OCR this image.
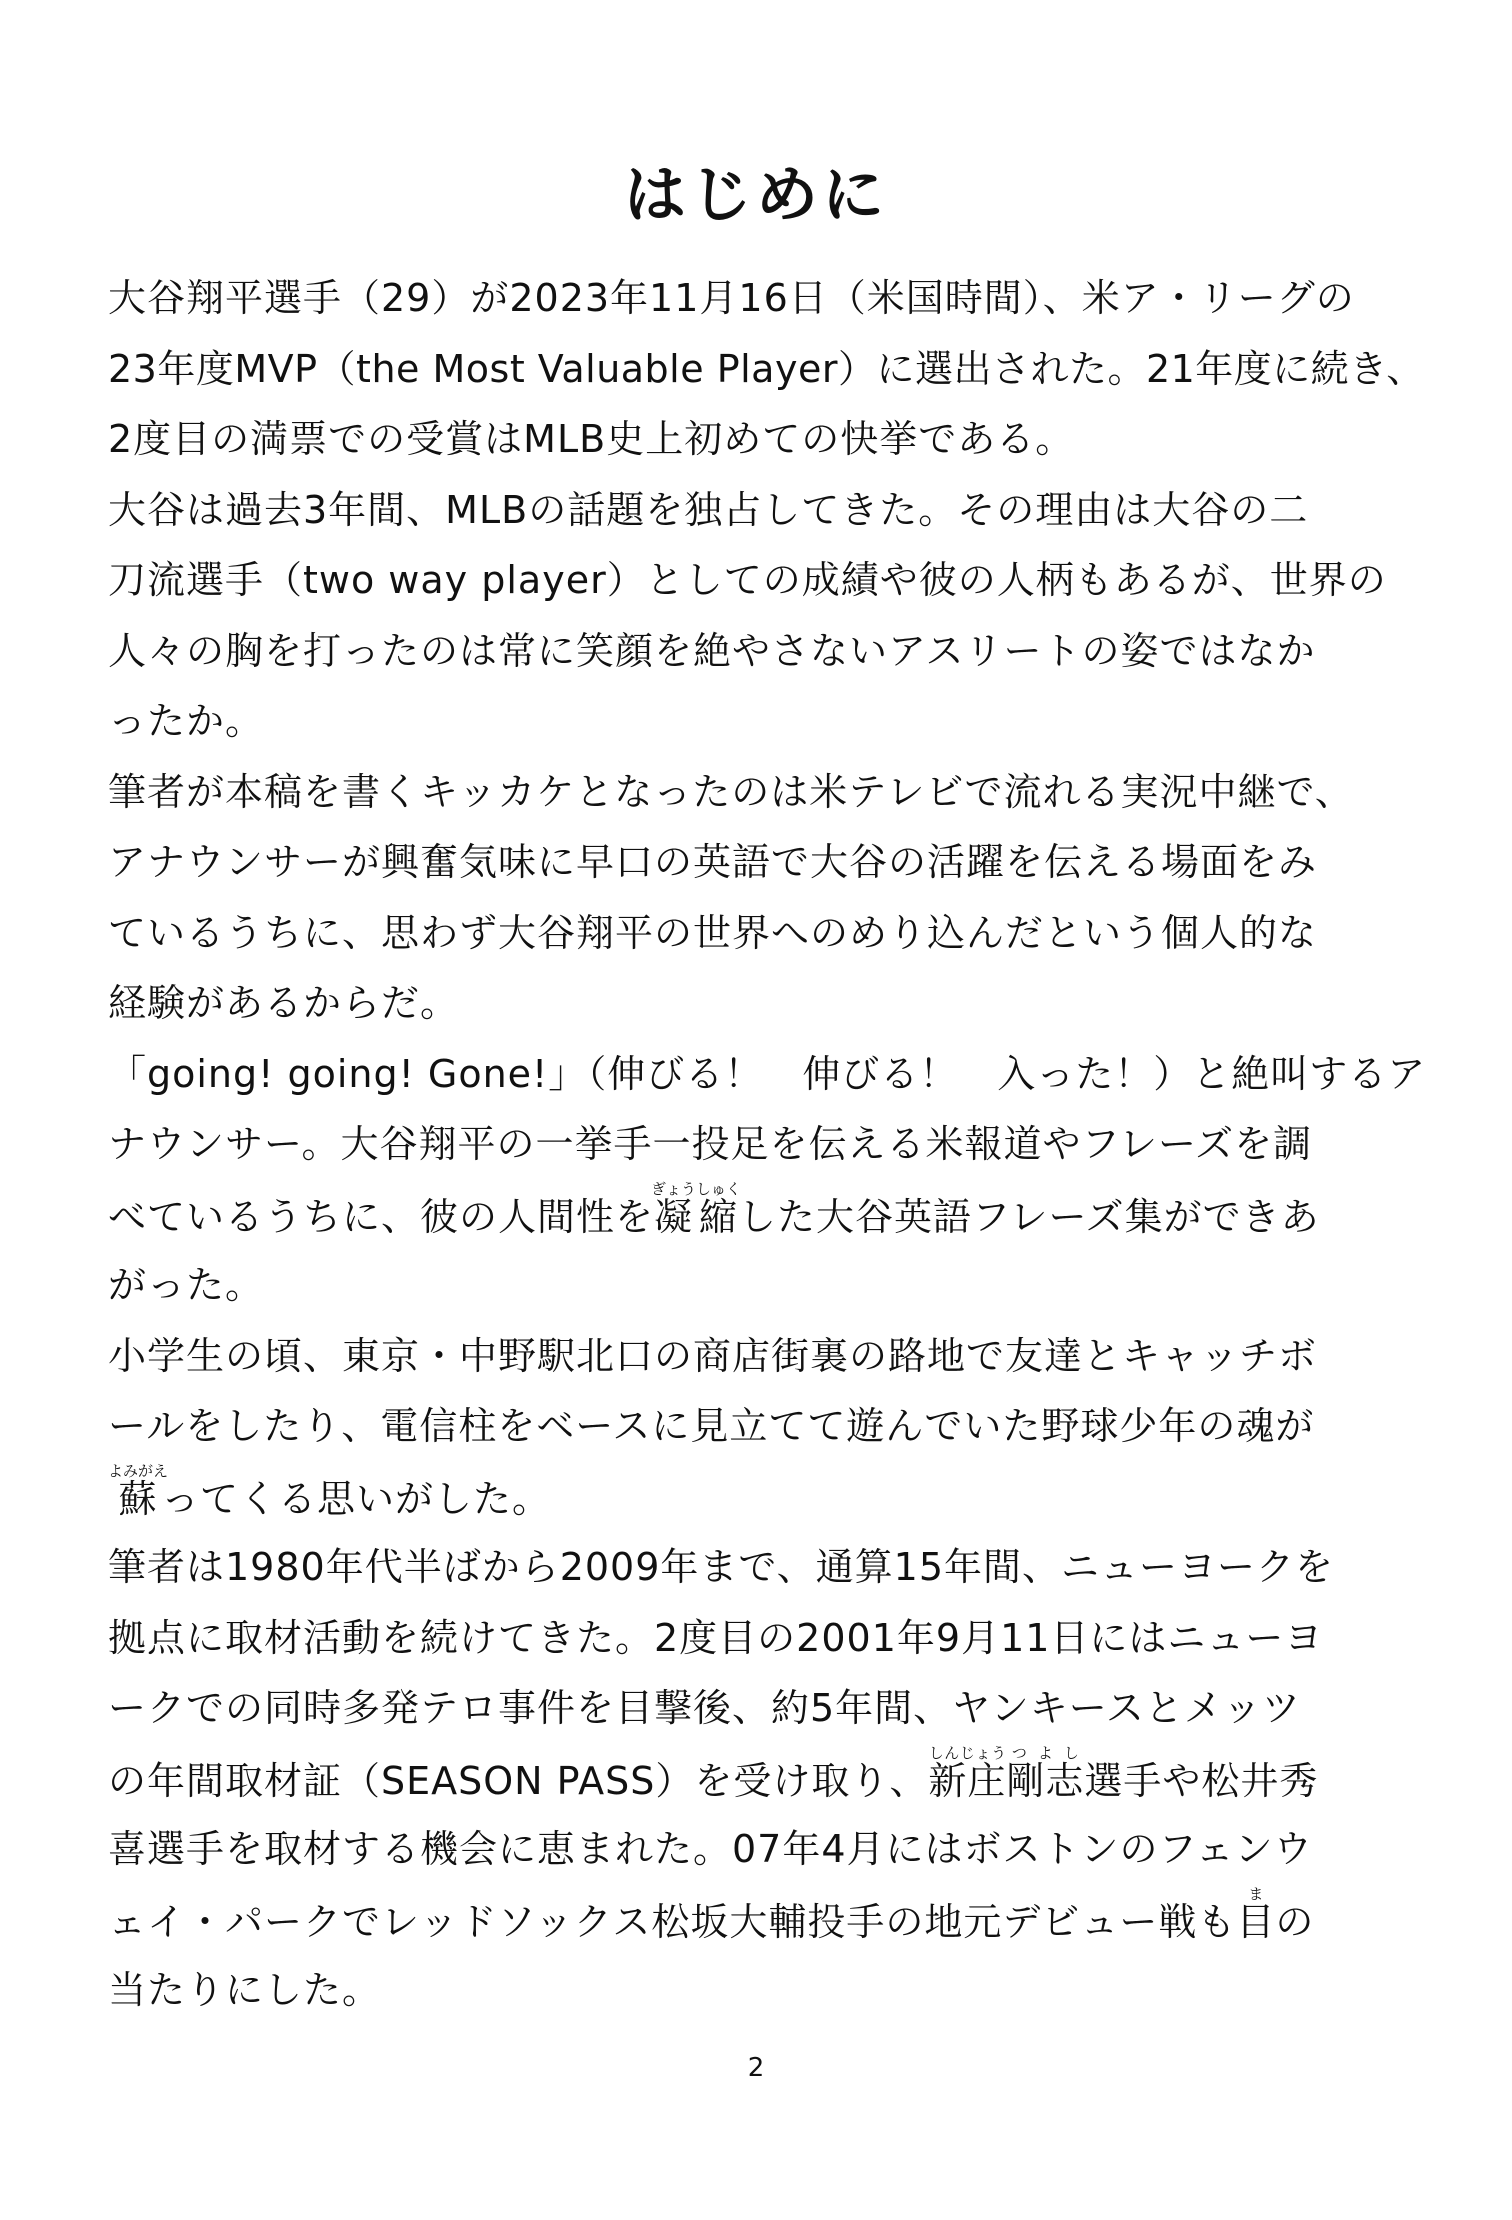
はじめに
大谷翔平選手（29）が2023年11月16日（米国時間）、米ア・リーグの
23年度MVP（the Most Valuable Player）に選出された。21年度に続き、
2度目の満票での受賞はMLB史上初めての快挙である。
大谷は過去3年間、MLBの話題を独占してきた。その理由は大谷の二
刀流選手（two way player）としての成績や彼の人柄もあるが、世界の
人々の胸を打ったのは常に笑顔を絶やさないアスリートの姿ではなか
ったか。
筆者が本稿を書くキッカケとなったのは米テレビで流れる実況中継で、
アナウンサーが興奮気味に早口の英語で大谷の活躍を伝える場面をみ
ているうちに、思わず大谷翔平の世界へのめり込んだという個人的な
経験があるからだ。
「going! going! Gone!」（伸びる！　伸びる！　入った！）と絶叫するア
ナウンサー。大谷翔平の一挙手一投足を伝える米報道やフレーズを調
べているうちに、彼の人間性を凝縮ぎょうしゅくした大谷英語フレーズ集ができあ
がった。
小学生の頃、東京・中野駅北口の商店街裏の路地で友達とキャッチボ
ールをしたり、電信柱をベースに見立てて遊んでいた野球少年の魂が
蘇よみがえってくる思いがした。
筆者は1980年代半ばから2009年まで、通算15年間、ニューヨークを
拠点に取材活動を続けてきた。2度目の2001年9月11日にはニューヨ
ークでの同時多発テロ事件を目撃後、約5年間、ヤンキースとメッツ
の年間取材証（SEASON PASS）を受け取り、新庄しんじょう剛志つよし選手や松井秀
喜選手を取材する機会に恵まれた。07年4月にはボストンのフェンウ
ェイ・パークでレッドソックス松坂大輔投手の地元デビュー戦も目まの
当たりにした。
2
